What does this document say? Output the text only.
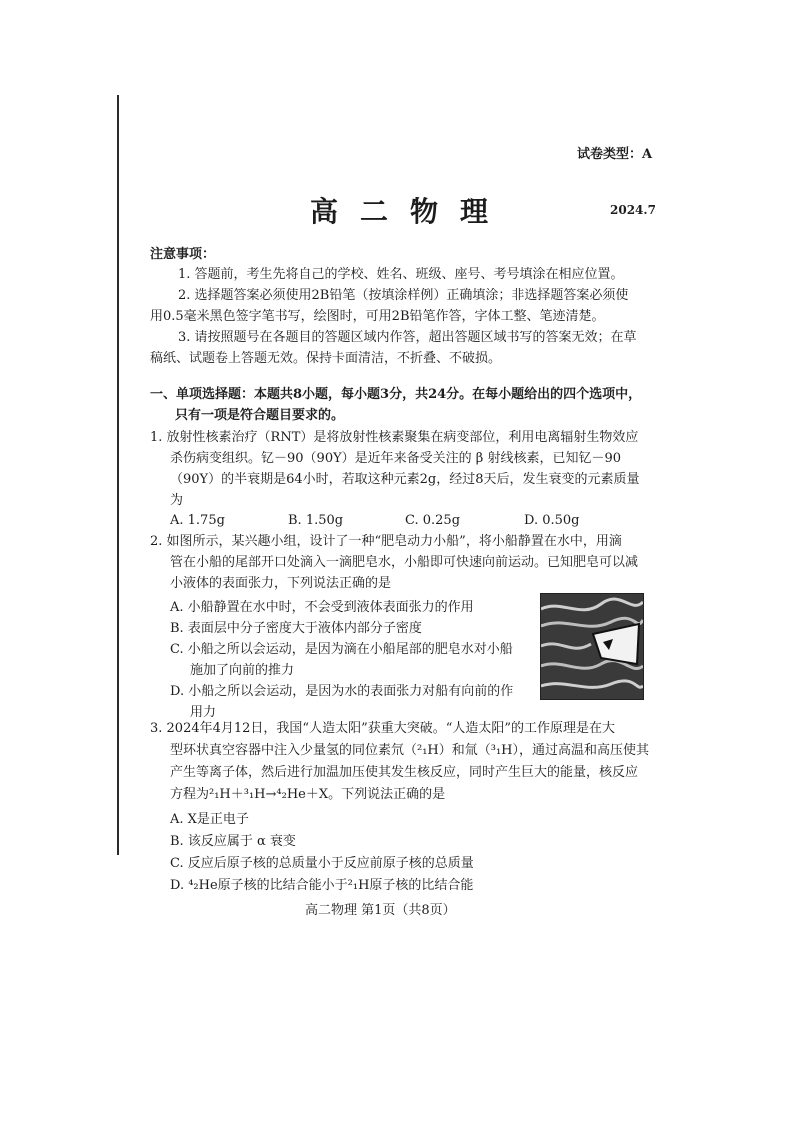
试卷类型：A
高二物理	2024.7
注意事项：
1. 答题前，考生先将自己的学校、姓名、班级、座号、考号填涂在相应位置。
2. 选择题答案必须使用2B铅笔（按填涂样例）正确填涂；非选择题答案必须使
用0.5毫米黑色签字笔书写，绘图时，可用2B铅笔作答，字体工整、笔迹清楚。
3. 请按照题号在各题目的答题区域内作答，超出答题区域书写的答案无效；在草
稿纸、试题卷上答题无效。保持卡面清洁，不折叠、不破损。
一、单项选择题：本题共8小题，每小题3分，共24分。在每小题给出的四个选项中，
只有一项是符合题目要求的。
1. 放射性核素治疗（RNT）是将放射性核素聚集在病变部位，利用电离辐射生物效应
杀伤病变组织。钇－90（90Y）是近年来备受关注的 β 射线核素，已知钇－90
（90Y）的半衰期是64小时，若取这种元素2g，经过8天后，发生衰变的元素质量
为
A. 1.75g	B. 1.50g	C. 0.25g	D. 0.50g
2. 如图所示，某兴趣小组，设计了一种“肥皂动力小船”，将小船静置在水中，用滴
管在小船的尾部开口处滴入一滴肥皂水，小船即可快速向前运动。已知肥皂可以减
小液体的表面张力，下列说法正确的是
A. 小船静置在水中时，不会受到液体表面张力的作用
B. 表面层中分子密度大于液体内部分子密度
C. 小船之所以会运动，是因为滴在小船尾部的肥皂水对小船
施加了向前的推力
D. 小船之所以会运动，是因为水的表面张力对船有向前的作
用力
3. 2024年4月12日，我国“人造太阳”获重大突破。“人造太阳”的工作原理是在大
型环状真空容器中注入少量氢的同位素氘（²₁H）和氚（³₁H），通过高温和高压使其
产生等离子体，然后进行加温加压使其发生核反应，同时产生巨大的能量，核反应
方程为²₁H＋³₁H→⁴₂He＋X。下列说法正确的是
A. X是正电子
B. 该反应属于 α 衰变
C. 反应后原子核的总质量小于反应前原子核的总质量
D. ⁴₂He原子核的比结合能小于²₁H原子核的比结合能
高二物理 第1页（共8页）
